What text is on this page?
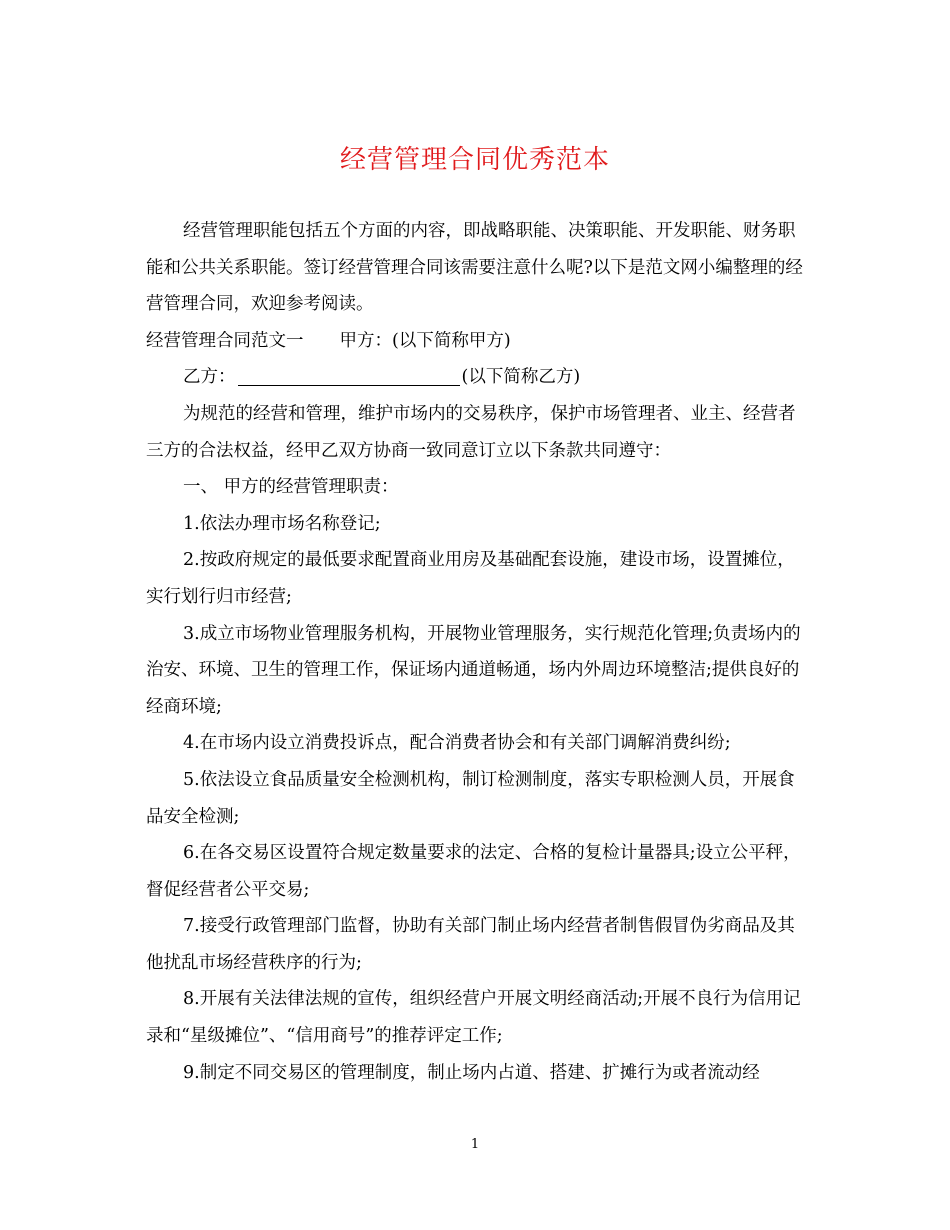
经营管理合同优秀范本

经营管理职能包括五个方面的内容，即战略职能、决策职能、开发职能、财务职能和公共关系职能。签订经营管理合同该需要注意什么呢?以下是范文网小编整理的经营管理合同，欢迎参考阅读。

经营管理合同范文一 甲方：(以下简称甲方)

乙方：	(以下简称乙方)

为规范的经营和管理，维护市场内的交易秩序，保护市场管理者、业主、经营者三方的合法权益，经甲乙双方协商一致同意订立以下条款共同遵守：

一、 甲方的经营管理职责：

1.依法办理市场名称登记;

2.按政府规定的最低要求配置商业用房及基础配套设施，建设市场，设置摊位，实行划行归市经营;

3.成立市场物业管理服务机构，开展物业管理服务，实行规范化管理;负责场内的治安、环境、卫生的管理工作，保证场内通道畅通，场内外周边环境整洁;提供良好的经商环境;

4.在市场内设立消费投诉点，配合消费者协会和有关部门调解消费纠纷;

5.依法设立食品质量安全检测机构，制订检测制度，落实专职检测人员，开展食品安全检测;

6.在各交易区设置符合规定数量要求的法定、合格的复检计量器具;设立公平秤，督促经营者公平交易;

7.接受行政管理部门监督，协助有关部门制止场内经营者制售假冒伪劣商品及其他扰乱市场经营秩序的行为;

8.开展有关法律法规的宣传，组织经营户开展文明经商活动;开展不良行为信用记录和“星级摊位”、“信用商号”的推荐评定工作;

9.制定不同交易区的管理制度，制止场内占道、搭建、扩摊行为或者流动经

1
